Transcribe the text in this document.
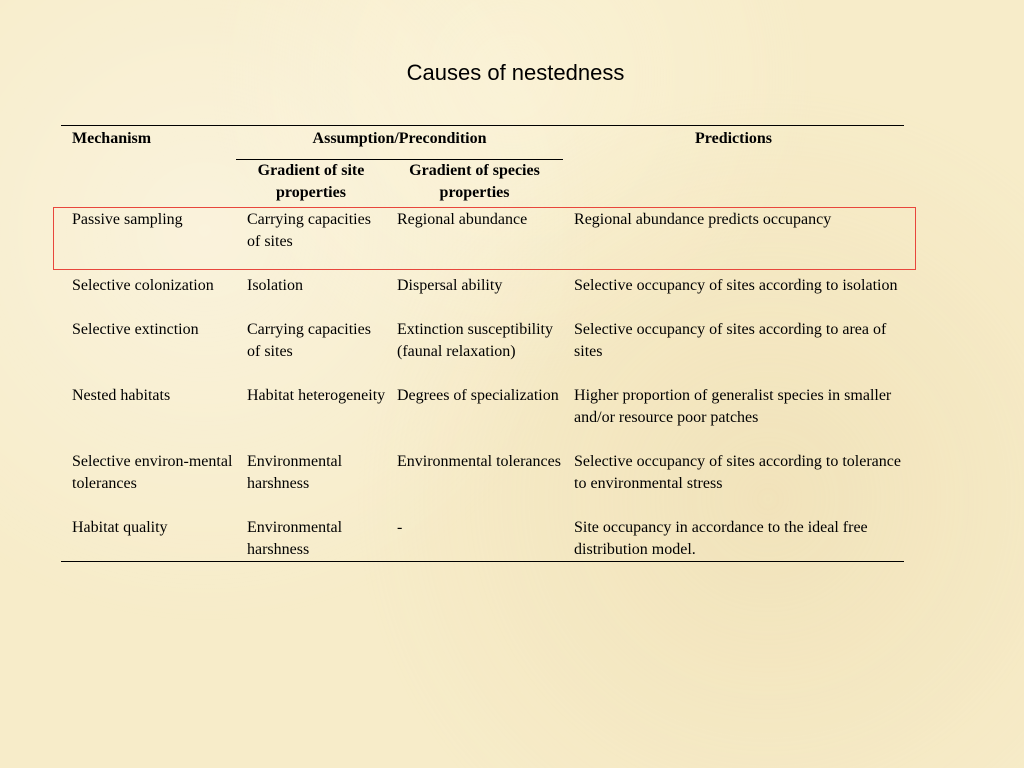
Causes of nestedness
Mechanism	Assumption/Precondition		Predictions
	Gradient of site properties	Gradient of species properties	
Passive sampling	Carrying capacities of sites	Regional abundance	Regional abundance predicts occupancy
Selective colonization	Isolation	Dispersal ability	Selective occupancy of sites according to isolation
Selective extinction	Carrying capacities of sites	Extinction susceptibility (faunal relaxation)	Selective occupancy of sites according to area of sites
Nested habitats	Habitat heterogeneity	Degrees of specialization	Higher proportion of generalist species in smaller and/or resource poor patches
Selective environ-mental tolerances	Environmental harshness	Environmental tolerances	Selective occupancy of sites according to tolerance to environmental stress
Habitat quality	Environmental harshness	-	Site occupancy in accordance to the ideal free distribution model.
